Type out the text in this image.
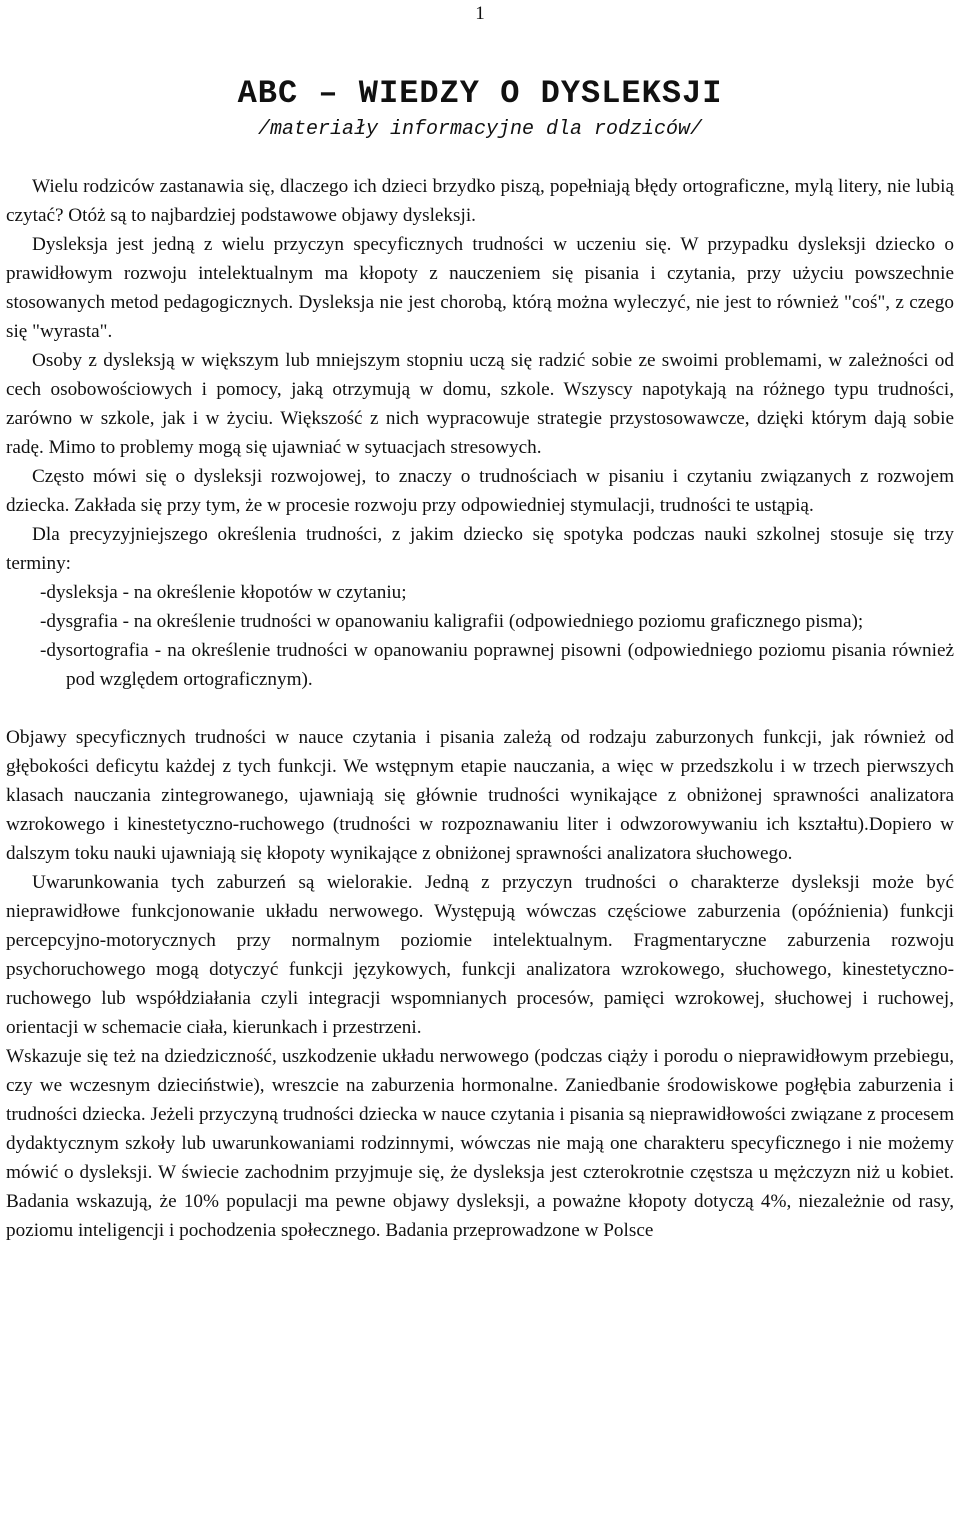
1
ABC – WIEDZY O DYSLEKSJI
/materiały informacyjne dla rodziców/

Wielu rodziców zastanawia się, dlaczego ich dzieci brzydko piszą, popełniają błędy ortograficzne, mylą litery, nie lubią czytać? Otóż są to najbardziej podstawowe objawy dysleksji.

Dysleksja jest jedną z wielu przyczyn specyficznych trudności w uczeniu się. W przypadku dysleksji dziecko o prawidłowym rozwoju intelektualnym ma kłopoty z nauczeniem się pisania i czytania, przy użyciu powszechnie stosowanych metod pedagogicznych. Dysleksja nie jest chorobą, którą można wyleczyć, nie jest to również "coś", z czego się "wyrasta".

Osoby z dysleksją w większym lub mniejszym stopniu uczą się radzić sobie ze swoimi problemami, w zależności od cech osobowościowych i pomocy, jaką otrzymują w domu, szkole. Wszyscy napotykają na różnego typu trudności, zarówno w szkole, jak i w życiu. Większość z nich wypracowuje strategie przystosowawcze, dzięki którym dają sobie radę. Mimo to problemy mogą się ujawniać w sytuacjach stresowych.

Często mówi się o dysleksji rozwojowej, to znaczy o trudnościach w pisaniu i czytaniu związanych z rozwojem dziecka. Zakłada się przy tym, że w procesie rozwoju przy odpowiedniej stymulacji, trudności te ustąpią.

Dla precyzyjniejszego określenia trudności, z jakim dziecko się spotyka podczas nauki szkolnej stosuje się trzy terminy:

-dysleksja - na określenie kłopotów w czytaniu;
-dysgrafia - na określenie trudności w opanowaniu kaligrafii (odpowiedniego poziomu graficznego pisma);
-dysortografia - na określenie trudności w opanowaniu poprawnej pisowni (odpowiedniego poziomu pisania również pod względem ortograficznym).

Objawy specyficznych trudności w nauce czytania i pisania zależą od rodzaju zaburzonych funkcji, jak również od głębokości deficytu każdej z tych funkcji. We wstępnym etapie nauczania, a więc w przedszkolu i w trzech pierwszych klasach nauczania zintegrowanego, ujawniają się głównie trudności wynikające z obniżonej sprawności analizatora wzrokowego i kinestetyczno-ruchowego (trudności w rozpoznawaniu liter i odwzorowywaniu ich kształtu).Dopiero w dalszym toku nauki ujawniają się kłopoty wynikające z obniżonej sprawności analizatora słuchowego.

Uwarunkowania tych zaburzeń są wielorakie. Jedną z przyczyn trudności o charakterze dysleksji może być nieprawidłowe funkcjonowanie układu nerwowego. Występują wówczas częściowe zaburzenia (opóźnienia) funkcji percepcyjno-motorycznych przy normalnym poziomie intelektualnym. Fragmentaryczne zaburzenia rozwoju psychoruchowego mogą dotyczyć funkcji językowych, funkcji analizatora wzrokowego, słuchowego, kinestetyczno-ruchowego lub współdziałania czyli integracji wspomnianych procesów, pamięci wzrokowej, słuchowej i ruchowej, orientacji w schemacie ciała, kierunkach i przestrzeni.

Wskazuje się też na dziedziczność, uszkodzenie układu nerwowego (podczas ciąży i porodu o nieprawidłowym przebiegu, czy we wczesnym dzieciństwie), wreszcie na zaburzenia hormonalne. Zaniedbanie środowiskowe pogłębia zaburzenia i trudności dziecka. Jeżeli przyczyną trudności dziecka w nauce czytania i pisania są nieprawidłowości związane z procesem dydaktycznym szkoły lub uwarunkowaniami rodzinnymi, wówczas nie mają one charakteru specyficznego i nie możemy mówić o dysleksji. W świecie zachodnim przyjmuje się, że dysleksja jest czterokrotnie częstsza u mężczyzn niż u kobiet. Badania wskazują, że 10% populacji ma pewne objawy dysleksji, a poważne kłopoty dotyczą 4%, niezależnie od rasy, poziomu inteligencji i pochodzenia społecznego. Badania przeprowadzone w Polsce
